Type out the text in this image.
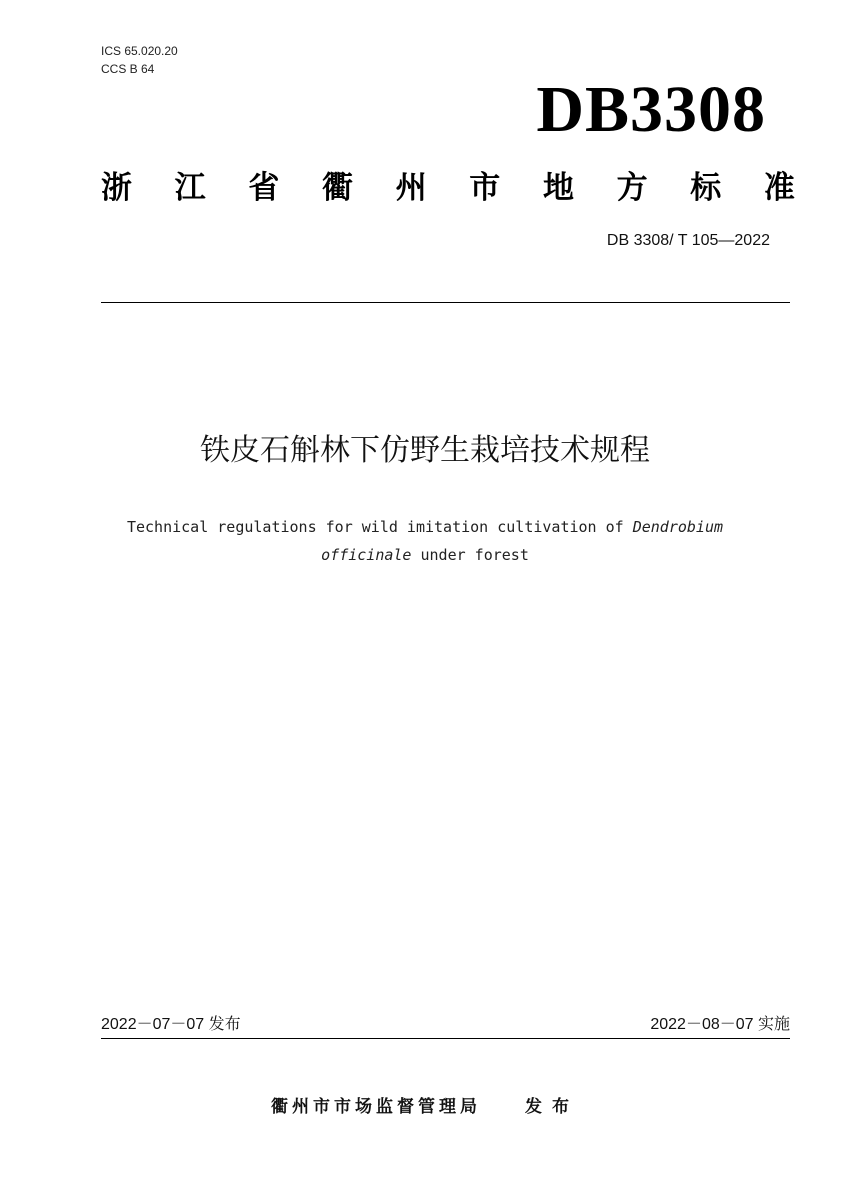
ICS 65.020.20
CCS B 64
DB3308
浙 江 省 衢 州 市 地 方 标 准
DB 3308/ T 105—2022
铁皮石斛林下仿野生栽培技术规程
Technical regulations for wild imitation cultivation of Dendrobium
officinale under forest
2022－07－07 发布	2022－08－07 实施
衢州市市场监督管理局	发布
